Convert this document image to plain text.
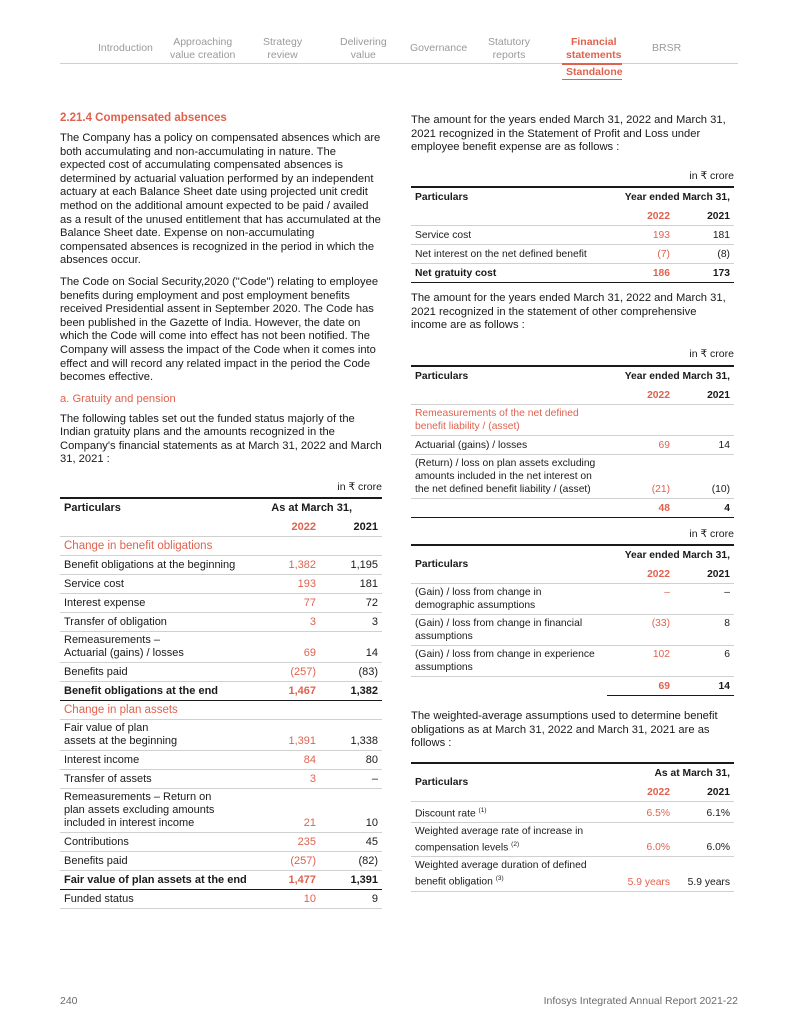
Introduction	Approaching
value creation
Strategy
review
Delivering
value
Governance Statutory
reports
Financial
statements
BRSR
Standalone
2.21.4 Compensated absences

The Company has a policy on compensated absences which are both accumulating and non-accumulating in nature. The expected cost of accumulating compensated absences is determined by actuarial valuation performed by an independent actuary at each Balance Sheet date using projected unit credit method on the additional amount expected to be paid / availed as a result of the unused entitlement that has accumulated at the Balance Sheet date. Expense on non-accumulating compensated absences is recognized in the period in which the absences occur.

The Code on Social Security,2020 ("Code") relating to employee benefits during employment and post employment benefits received Presidential assent in September 2020. The Code has been published in the Gazette of India. However, the date on which the Code will come into effect has not been notified. The Company will assess the impact of the Code when it comes into effect and will record any related impact in the period the Code becomes effective.

a. Gratuity and pension

The following tables set out the funded status majorly of the Indian gratuity plans and the amounts recognized in the Company's financial statements as at March 31, 2022 and March 31, 2021 :

in ₹ crore
Particulars	As at March 31,	
	2022	2021
Change in benefit obligations		
Benefit obligations at the beginning	1,382	1,195
Service cost	193	181
Interest expense	77	72
Transfer of obligation	3	3

Remeasurements –
Actuarial (gains) / losses	69	14
Benefits paid	(257)	(83)
Benefit obligations at the end	1,467	1,382
Change in plan assets		

Fair value of plan
assets at the beginning	1,391	1,338
Interest income	84	80
Transfer of assets	3	–

Remeasurements – Return on
plan assets excluding amounts
included in interest income	21	10
Contributions	235	45
Benefits paid	(257)	(82)
Fair value of plan assets at the end	1,477	1,391
Funded status	10	9

The amount for the years ended March 31, 2022 and March 31, 2021 recognized in the Statement of Profit and Loss under employee benefit expense are as follows :

in ₹ crore
Particulars	Year ended March 31,	
	2022	2021
Service cost	193	181
Net interest on the net defined benefit	(7)	(8)
Net gratuity cost	186	173

The amount for the years ended March 31, 2022 and March 31, 2021 recognized in the statement of other comprehensive income are as follows :

in ₹ crore
Particulars	Year ended March 31,	
	2022	2021

Remeasurements of the net defined
benefit liability / (asset)		
Actuarial (gains) / losses	69	14

(Return) / loss on plan assets excluding
amounts included in the net interest on
the net defined benefit liability / (asset)	(21)	(10)
	48	4
in ₹ crore
Particulars	Year ended March 31,	
	2022	2021

(Gain) / loss from change in
demographic assumptions	–	–

(Gain) / loss from change in financial
assumptions	(33)	8

(Gain) / loss from change in experience
assumptions	102	6
	69	14

The weighted-average assumptions used to determine benefit obligations as at March 31, 2022 and March 31, 2021 are as follows :

Particulars	As at March 31,	
	2022	2021
Discount rate $^{(1)}$	6.5%	6.1%

Weighted average rate of increase in
compensation levels $^{(2)}$	6.0%	6.0%

Weighted average duration of defined
benefit obligation $^{(3)}$	5.9 years	5.9 years
240	Infosys Integrated Annual Report 2021-22
